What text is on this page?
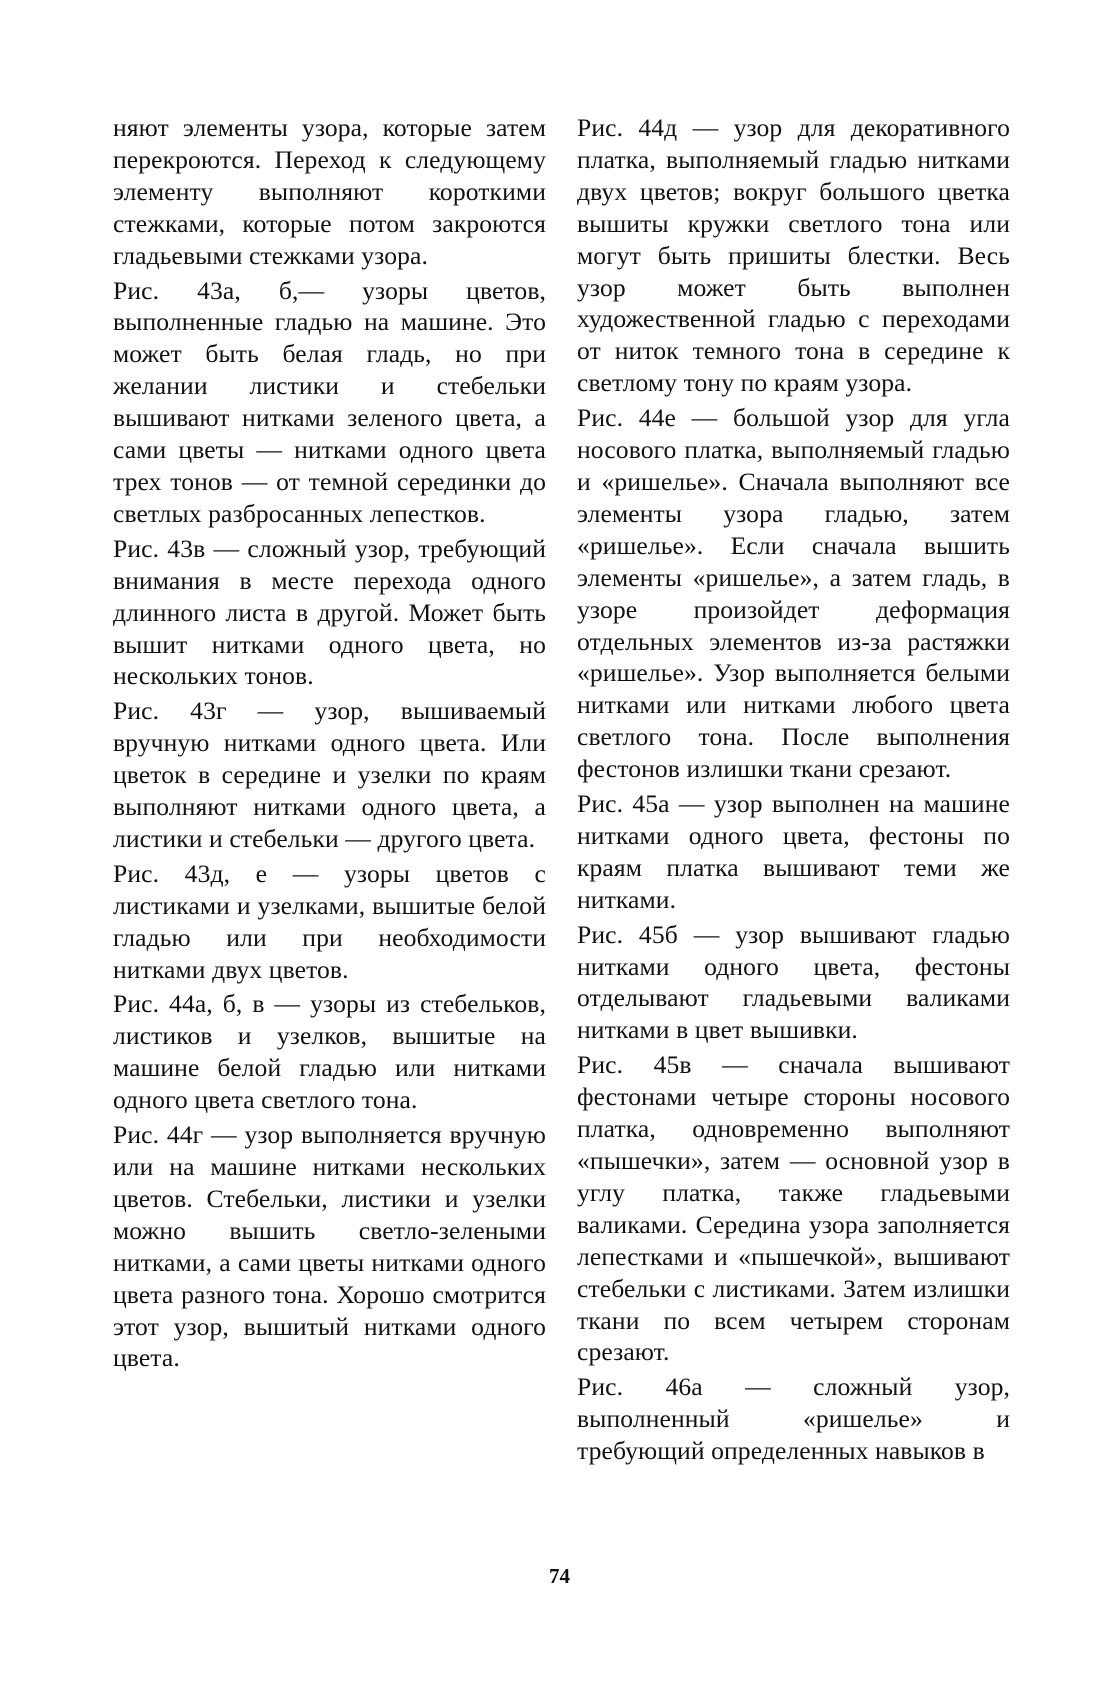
няют элементы узора, которые затем перекроются. Переход к следующему элементу выполняют короткими стежками, которые потом закроются гладьевыми стежками узора.

Рис. 43а, б,— узоры цветов, выполненные гладью на машине. Это может быть белая гладь, но при желании листики и стебельки вышивают нитками зеленого цвета, а сами цветы — нитками одного цвета трех тонов — от темной серединки до светлых разбросанных лепестков.

Рис. 43в — сложный узор, требующий внимания в месте перехода одного длинного листа в другой. Может быть вышит нитками одного цвета, но нескольких тонов.

Рис. 43г — узор, вышиваемый вручную нитками одного цвета. Или цветок в середине и узелки по краям выполняют нитками одного цвета, а листики и стебельки — другого цвета.

Рис. 43д, е — узоры цветов с листиками и узелками, вышитые белой гладью или при необходимости нитками двух цветов.

Рис. 44а, б, в — узоры из стебельков, листиков и узелков, вышитые на машине белой гладью или нитками одного цвета светлого тона.

Рис. 44г — узор выполняется вручную или на машине нитками нескольких цветов. Стебельки, листики и узелки можно вышить светло-зелеными нитками, а сами цветы нитками одного цвета разного тона. Хорошо смотрится этот узор, вышитый нитками одного цвета.

Рис. 44д — узор для декоративного платка, выполняемый гладью нитками двух цветов; вокруг большого цветка вышиты кружки светлого тона или могут быть пришиты блестки. Весь узор может быть выполнен художественной гладью с переходами от ниток темного тона в середине к светлому тону по краям узора.

Рис. 44е — большой узор для угла носового платка, выполняемый гладью и «ришелье». Сначала выполняют все элементы узора гладью, затем «ришелье». Если сначала вышить элементы «ришелье», а затем гладь, в узоре произойдет деформация отдельных элементов из-за растяжки «ришелье». Узор выполняется белыми нитками или нитками любого цвета светлого тона. После выполнения фестонов излишки ткани срезают.

Рис. 45а — узор выполнен на машине нитками одного цвета, фестоны по краям платка вышивают теми же нитками.

Рис. 45б — узор вышивают гладью нитками одного цвета, фестоны отделывают гладьевыми валиками нитками в цвет вышивки.

Рис. 45в — сначала вышивают фестонами четыре стороны носового платка, одновременно выполняют «пышечки», затем — основной узор в углу платка, также гладьевыми валиками. Середина узора заполняется лепестками и «пышечкой», вышивают стебельки с листиками. Затем излишки ткани по всем четырем сторонам срезают.

Рис. 46а — сложный узор, выполненный «ришелье» и требующий определенных навыков в

74
